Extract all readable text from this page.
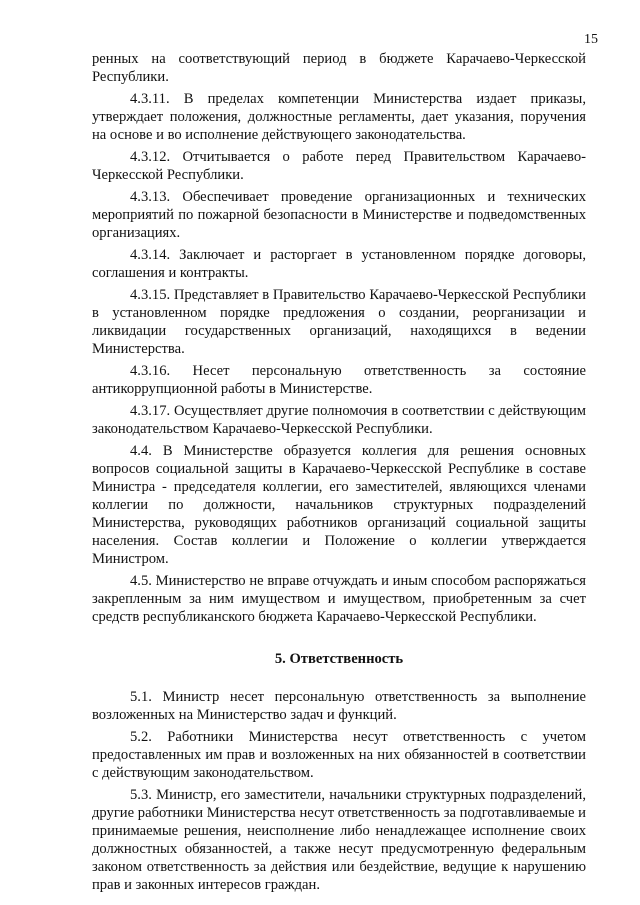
15

ренных на соответствующий период в бюджете Карачаево-Черкесской Республики.

4.3.11. В пределах компетенции Министерства издает приказы, утверждает положения, должностные регламенты, дает указания, поручения на основе и во исполнение действующего законодательства.

4.3.12. Отчитывается о работе перед Правительством Карачаево-Черкесской Республики.

4.3.13. Обеспечивает проведение организационных и технических мероприятий по пожарной безопасности в Министерстве и подведомственных организациях.

4.3.14. Заключает и расторгает в установленном порядке договоры, соглашения и контракты.

4.3.15. Представляет в Правительство Карачаево-Черкесской Республики в установленном порядке предложения о создании, реорганизации и ликвидации государственных организаций, находящихся в ведении Министерства.

4.3.16. Несет персональную ответственность за состояние антикоррупционной работы в Министерстве.

4.3.17. Осуществляет другие полномочия в соответствии с действующим законодательством Карачаево-Черкесской Республики.

4.4. В Министерстве образуется коллегия для решения основных вопросов социальной защиты в Карачаево-Черкесской Республике в составе Министра - председателя коллегии, его заместителей, являющихся членами коллегии по должности, начальников структурных подразделений Министерства, руководящих работников организаций социальной защиты населения. Состав коллегии и Положение о коллегии утверждается Министром.

4.5. Министерство не вправе отчуждать и иным способом распоряжаться закрепленным за ним имуществом и имуществом, приобретенным за счет средств республиканского бюджета Карачаево-Черкесской Республики.

5. Ответственность

5.1. Министр несет персональную ответственность за выполнение возложенных на Министерство задач и функций.

5.2. Работники Министерства несут ответственность с учетом предоставленных им прав и возложенных на них обязанностей в соответствии с действующим законодательством.

5.3. Министр, его заместители, начальники структурных подразделений, другие работники Министерства несут ответственность за подготавливаемые и принимаемые решения, неисполнение либо ненадлежащее исполнение своих должностных обязанностей, а также несут предусмотренную федеральным законом ответственность за действия или бездействие, ведущие к нарушению прав и законных интересов граждан.
